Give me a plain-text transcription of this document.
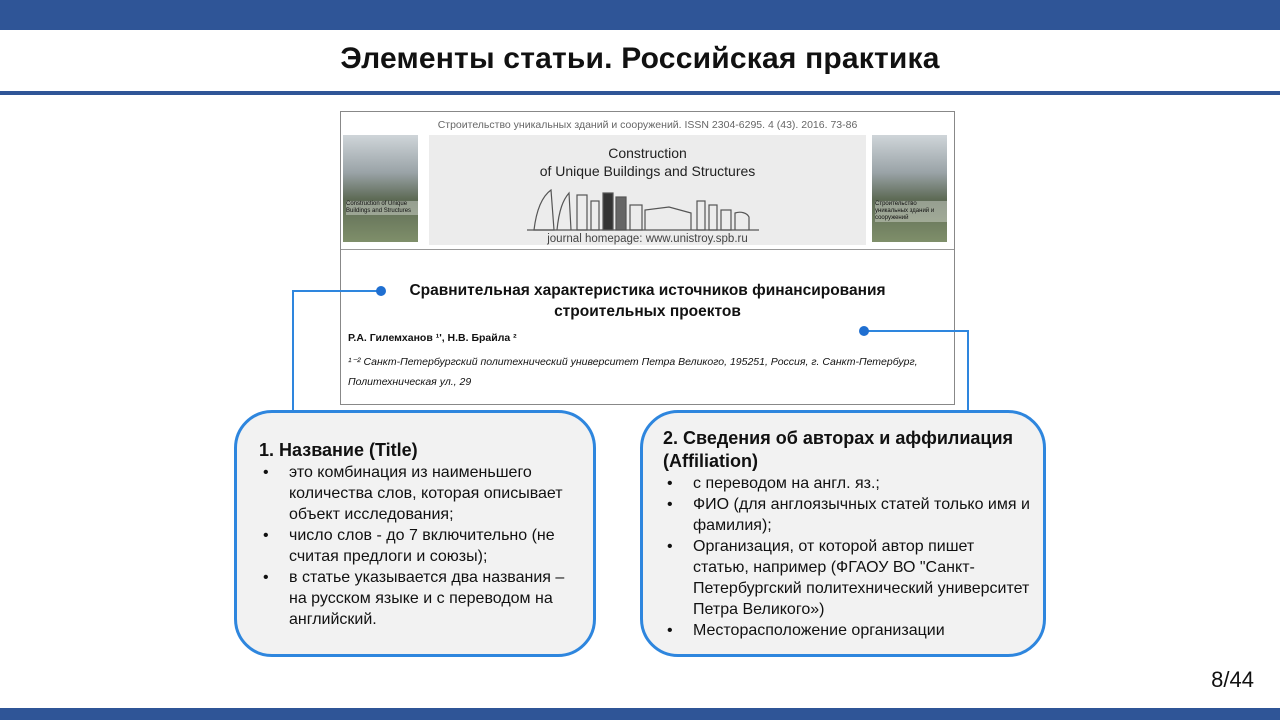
Элементы статьи. Российская практика
Строительство уникальных зданий и сооружений. ISSN 2304-6295. 4 (43). 2016. 73-86
Construction of Unique Buildings and Structures
Construction
of Unique Buildings and Structures
journal homepage: www.unistroy.spb.ru
Строительство уникальных зданий и сооружений
Сравнительная характеристика источников финансирования
строительных проектов
Р.А. Гилемханов ¹', Н.В. Брайла ²
¹⁻² Санкт-Петербургский политехнический университет Петра Великого, 195251, Россия, г. Санкт-Петербург, Политехническая ул., 29
1. Название (Title)
• это комбинация из наименьшего количества слов, которая описывает объект исследования;
• число слов - до 7 включительно (не считая предлоги и союзы);
• в статье указывается два названия – на русском языке и с переводом на английский.
2. Сведения об авторах и аффилиация (Affiliation)
• с переводом на англ. яз.;
• ФИО (для англоязычных статей только имя и фамилия);
• Организация, от которой автор пишет статью, например (ФГАОУ ВО "Санкт-Петербургский политехнический университет Петра Великого»)
• Месторасположение организации
8/44
